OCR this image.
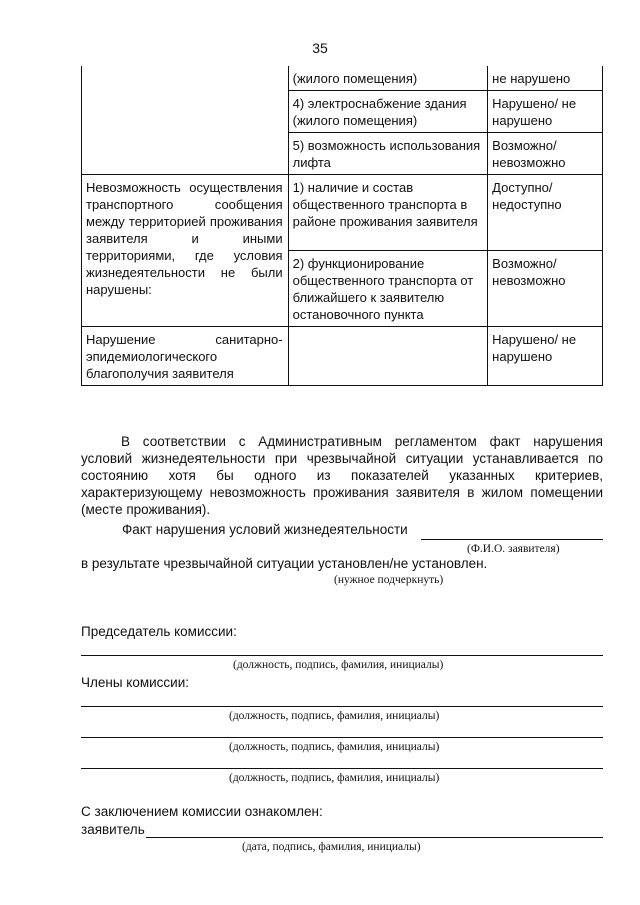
35
	(жилого помещения)	не нарушено
	4) электроснабжение здания (жилого помещения)	Нарушено/ не нарушено
	5) возможность использования лифта	Возможно/ невозможно
Невозможность осуществления транспортного сообщения между территорией проживания заявителя и иными территориями, где условия жизнедеятельности не были нарушены:	1) наличие и состав общественного транспорта в районе проживания заявителя	Доступно/ недоступно
	2) функционирование общественного транспорта от ближайшего к заявителю остановочного пункта	Возможно/ невозможно
Нарушение санитарно-эпидемиологического благополучия заявителя		Нарушено/ не нарушено

В соответствии с Административным регламентом факт нарушения условий жизнедеятельности при чрезвычайной ситуации устанавливается по состоянию хотя бы одного из показателей указанных критериев, характеризующему невозможность проживания заявителя в жилом помещении (месте проживания).

Факт нарушения условий жизнедеятельности
(Ф.И.О. заявителя)
в результате чрезвычайной ситуации установлен/не установлен.
(нужное подчеркнуть)
Председатель комиссии:
(должность, подпись, фамилия, инициалы)
Члены комиссии:
(должность, подпись, фамилия, инициалы)
(должность, подпись, фамилия, инициалы)
(должность, подпись, фамилия, инициалы)
С заключением комиссии ознакомлен:
заявитель
(дата, подпись, фамилия, инициалы)
